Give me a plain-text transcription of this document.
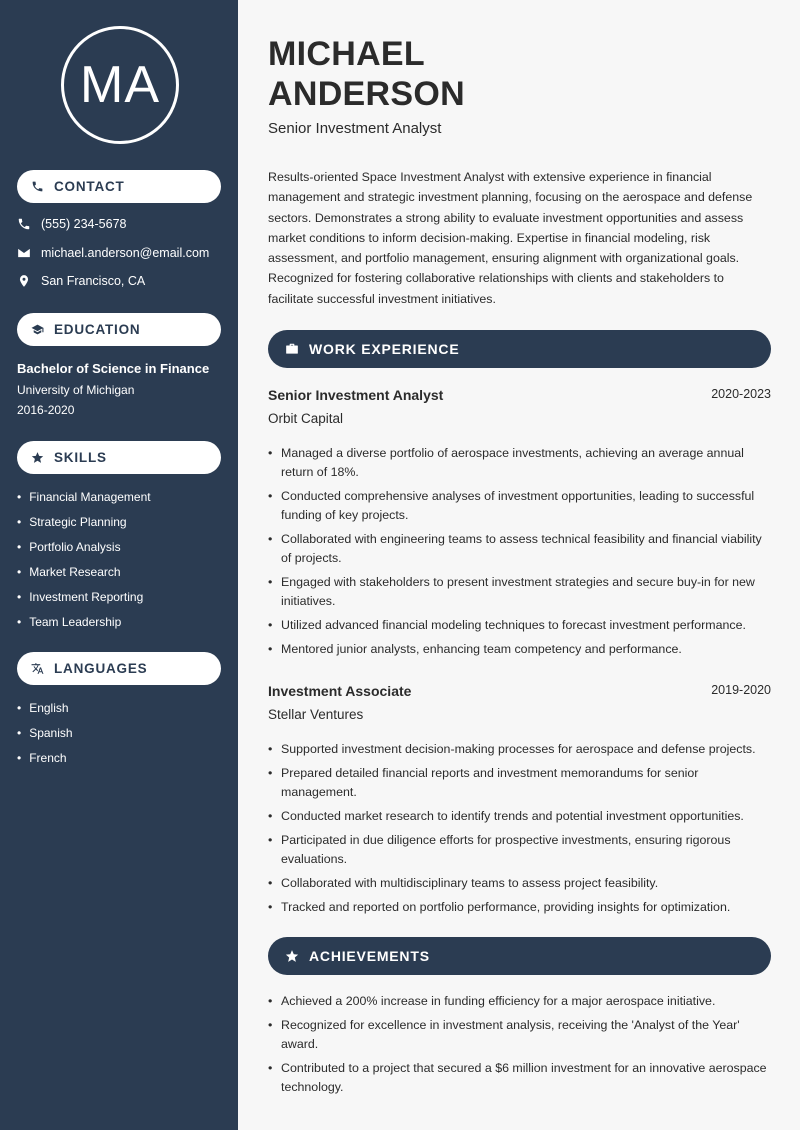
MA
CONTACT
(555) 234-5678
michael.anderson@email.com
San Francisco, CA
EDUCATION
Bachelor of Science in Finance
University of Michigan
2016-2020
SKILLS
• Financial Management
• Strategic Planning
• Portfolio Analysis
• Market Research
• Investment Reporting
• Team Leadership
LANGUAGES
• English
• Spanish
• French
MICHAEL
ANDERSON
Senior Investment Analyst
Results-oriented Space Investment Analyst with extensive experience in financial management and strategic investment planning, focusing on the aerospace and defense sectors. Demonstrates a strong ability to evaluate investment opportunities and assess market conditions to inform decision-making. Expertise in financial modeling, risk assessment, and portfolio management, ensuring alignment with organizational goals. Recognized for fostering collaborative relationships with clients and stakeholders to facilitate successful investment initiatives.
WORK EXPERIENCE
Senior Investment Analyst	2020-2023
Orbit Capital
• Managed a diverse portfolio of aerospace investments, achieving an average annual return of 18%.
• Conducted comprehensive analyses of investment opportunities, leading to successful funding of key projects.
• Collaborated with engineering teams to assess technical feasibility and financial viability of projects.
• Engaged with stakeholders to present investment strategies and secure buy-in for new initiatives.
• Utilized advanced financial modeling techniques to forecast investment performance.
• Mentored junior analysts, enhancing team competency and performance.
Investment Associate	2019-2020
Stellar Ventures
• Supported investment decision-making processes for aerospace and defense projects.
• Prepared detailed financial reports and investment memorandums for senior management.
• Conducted market research to identify trends and potential investment opportunities.
• Participated in due diligence efforts for prospective investments, ensuring rigorous evaluations.
• Collaborated with multidisciplinary teams to assess project feasibility.
• Tracked and reported on portfolio performance, providing insights for optimization.
ACHIEVEMENTS
• Achieved a 200% increase in funding efficiency for a major aerospace initiative.
• Recognized for excellence in investment analysis, receiving the 'Analyst of the Year' award.
• Contributed to a project that secured a $6 million investment for an innovative aerospace technology.
